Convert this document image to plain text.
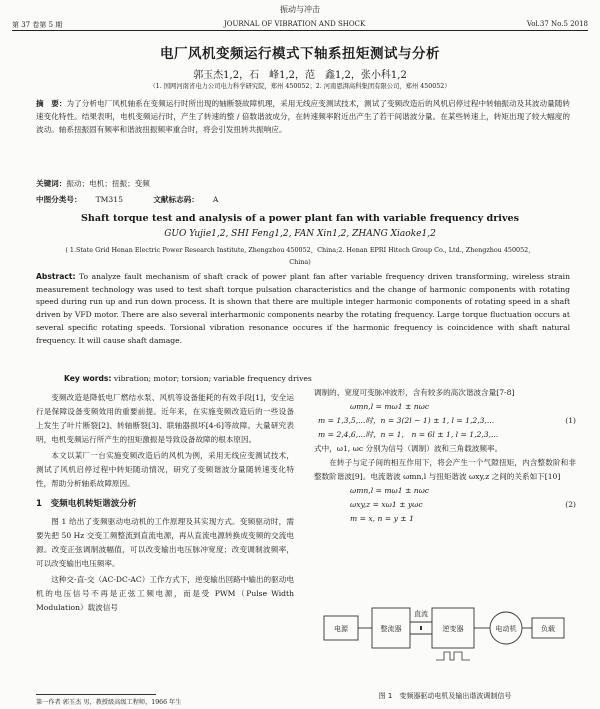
振动与冲击
第 37 卷第 5 期	JOURNAL OF VIBRATION AND SHOCK	Vol.37 No.5 2018
电厂风机变频运行模式下轴系扭矩测试与分析
郭玉杰1,2，石　峰1,2，范　鑫1,2，张小科1,2
（1. 国网河南省电力公司电力科学研究院，郑州 450052；2. 河南恩湃高科集团有限公司，郑州 450052）
摘　要：为了分析电厂风机轴系在变频运行时所出现的轴断裂故障机理，采用无线应变测试技术，测试了变频改造后的风机启停过程中转轴振动及其波动量随转速变化特性。结果表明，电机变频运行时，产生了转速的整 / 倍数谐波成分，在转速频率附近出产生了若干间谐波分量。在某些转速上，转矩出现了较大幅度的波动。轴系扭振固有频率和谐波扭振频率重合时，将会引发扭转共振响应。
关键词：振动；电机；扭振；变频
中图分类号： TM315	文献标志码： A
Shaft torque test and analysis of a power plant fan with variable frequency drives
GUO Yujie1,2, SHI Feng1,2, FAN Xin1,2, ZHANG Xiaoke1,2
( 1.State Grid Henan Electric Power Research Institute, Zhengzhou 450052，China;2. Henan EPRI Hitech Group Co., Ltd., Zhengzhou 450052，China)
Abstract: To analyze fault mechanism of shaft crack of power plant fan after variable frequency driven transforming, wireless strain measurement technology was used to test shaft torque pulsation characteristics and the change of harmonic components with rotating speed during run up and run down process. It is shown that there are multiple integer harmonic components of rotating speed in a shaft driven by VFD motor. There are also several interharmonic components nearby the rotating frequency. Large torque fluctuation occurs at several specific rotating speeds. Torsional vibration resonance occures if the harmonic frequency is coincidence with shaft natural frequency. It will cause shaft damage.
Key words: vibration; motor; torsion; variable frequency drives

变频改造是降低电厂燃结水泵、风机等设备能耗的有效手段[1]，安全运行是保障设备变频效用的重要前提。近年来，在实施变频改造后的一些设备上发生了叶片断裂[2]、转轴断裂[3]、联轴器损坏[4-6]等故障。大量研究表明，电机变频运行所产生的扭矩激振是导致设备故障的根本原因。

本文以某厂一台实施变频改造后的风机为例，采用无线应变测试技术，测试了风机启停过程中转矩随动情况，研究了变频谐波分量随转速变化特性，帮助分析轴系故障原因。

1　变频电机转矩谐波分析

图 1 给出了变频驱动电动机的工作原理及其实现方式。变频驱动时，需要先把 50 Hz 交变工频整流到直流电源，再从直流电源转换成变频的交流电源。改变正弦调制波幅值，可以改变输出电压脉冲宽度；改变调制波频率，可以改变输出电压频率。

这种交-直-交（AC-DC-AC）工作方式下，逆变输出回路中输出的驱动电机的电压信号不再是正弦工频电源，而是受 PWM（Pulse Width Modulation）载波信号

调制的、宽度可变脉冲波形，含有较多的高次谐波含量[7-8]

ωmn,l = mω1 ± nωc
m = 1,3,5,...时，n = 3(2l − 1) ± 1, l = 1,2,3,...	(1)
m = 2,4,6,...时，n = 1,　n = 6l ± 1, l = 1,2,3,...

式中，ω1, ωc 分别为信号（调制）波和三角载波频率。

在转子与定子间的相互作用下，将会产生一个气隙扭矩，内含整数阶和非整数阶谐波[9]。电流谐波 ωmn,l 与扭矩谐波 ωxy,z 之间的关系如下[10]

ωmn,l = mω1 ± nωc
ωxy,z = xω1 ± yωc	(2)
m = x, n = y ± 1
电源	整流器
直流
逆变器	电动机	负载
图 1　变频器驱动电机及输出谐波调制信号
第一作者 郭玉杰 男，教授级高级工程师，1966 年生
